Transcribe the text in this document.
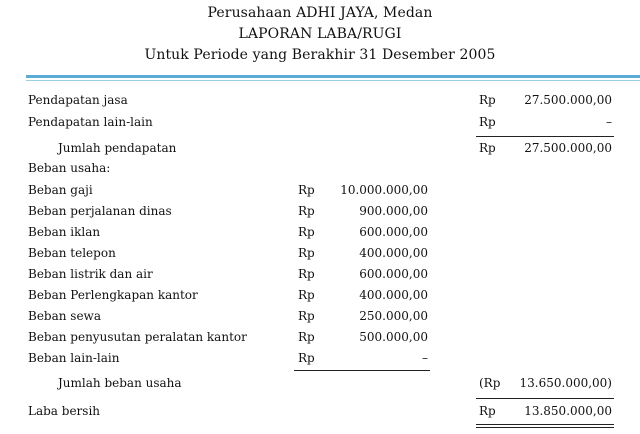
Perusahaan ADHI JAYA, Medan
LAPORAN LABA/RUGI
Untuk Periode yang Berakhir 31 Desember 2005
Pendapatan jasa	Rp	27.500.000,00
Pendapatan lain-lain	Rp	–
Jumlah pendapatan	Rp	27.500.000,00
Beban usaha:
Beban gaji	Rp	10.000.000,00
Beban perjalanan dinas	Rp	900.000,00
Beban iklan	Rp	600.000,00
Beban telepon	Rp	400.000,00
Beban listrik dan air	Rp	600.000,00
Beban Perlengkapan kantor	Rp	400.000,00
Beban sewa	Rp	250.000,00
Beban penyusutan peralatan kantor	Rp	500.000,00
Beban lain-lain	Rp	–
Jumlah beban usaha	(Rp 13.650.000,00)
Laba bersih	Rp	13.850.000,00
